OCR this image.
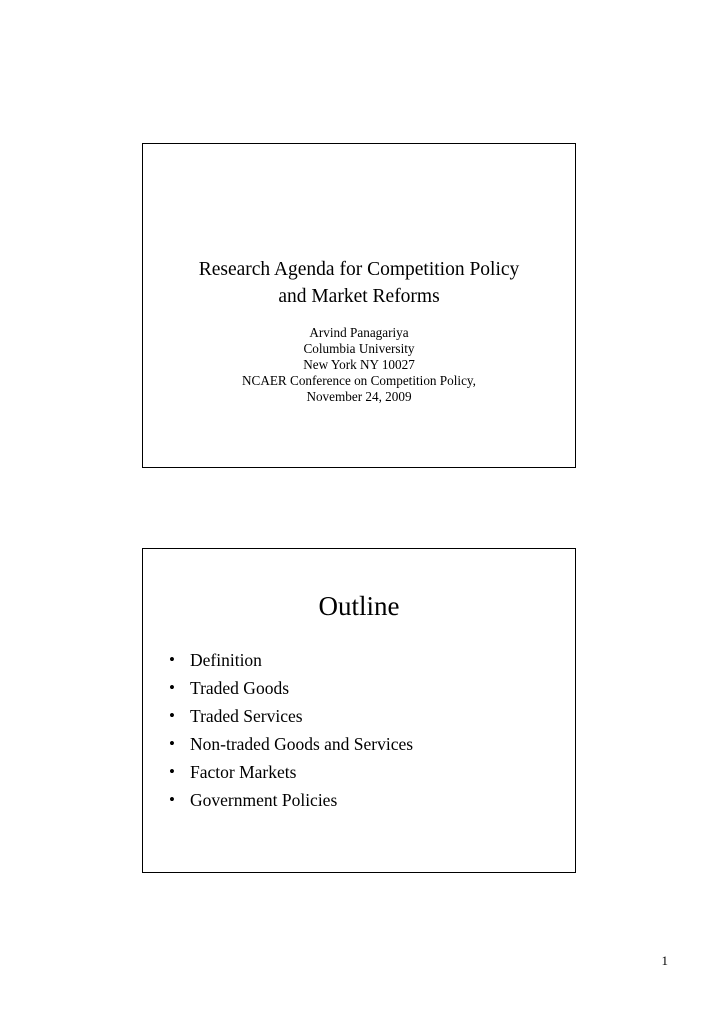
Research Agenda for Competition Policy
and Market Reforms
Arvind Panagariya
Columbia University
New York NY 10027
NCAER Conference on Competition Policy,
November 24, 2009
Outline
• Definition
• Traded Goods
• Traded Services
• Non-traded Goods and Services
• Factor Markets
• Government Policies
1
